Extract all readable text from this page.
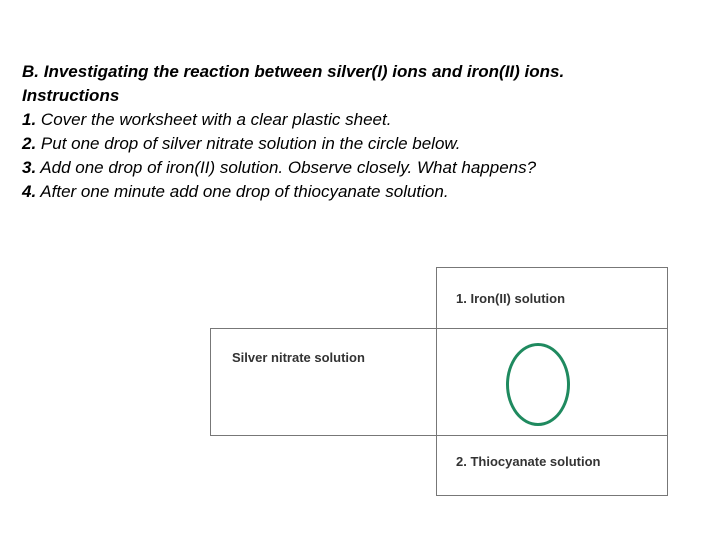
B. Investigating the reaction between silver(I) ions and iron(II) ions.
Instructions
1. Cover the worksheet with a clear plastic sheet.
2. Put one drop of silver nitrate solution in the circle below.
3. Add one drop of iron(II) solution. Observe closely. What happens?
4. After one minute add one drop of thiocyanate solution.
1. Iron(II) solution
Silver nitrate solution
2. Thiocyanate solution
